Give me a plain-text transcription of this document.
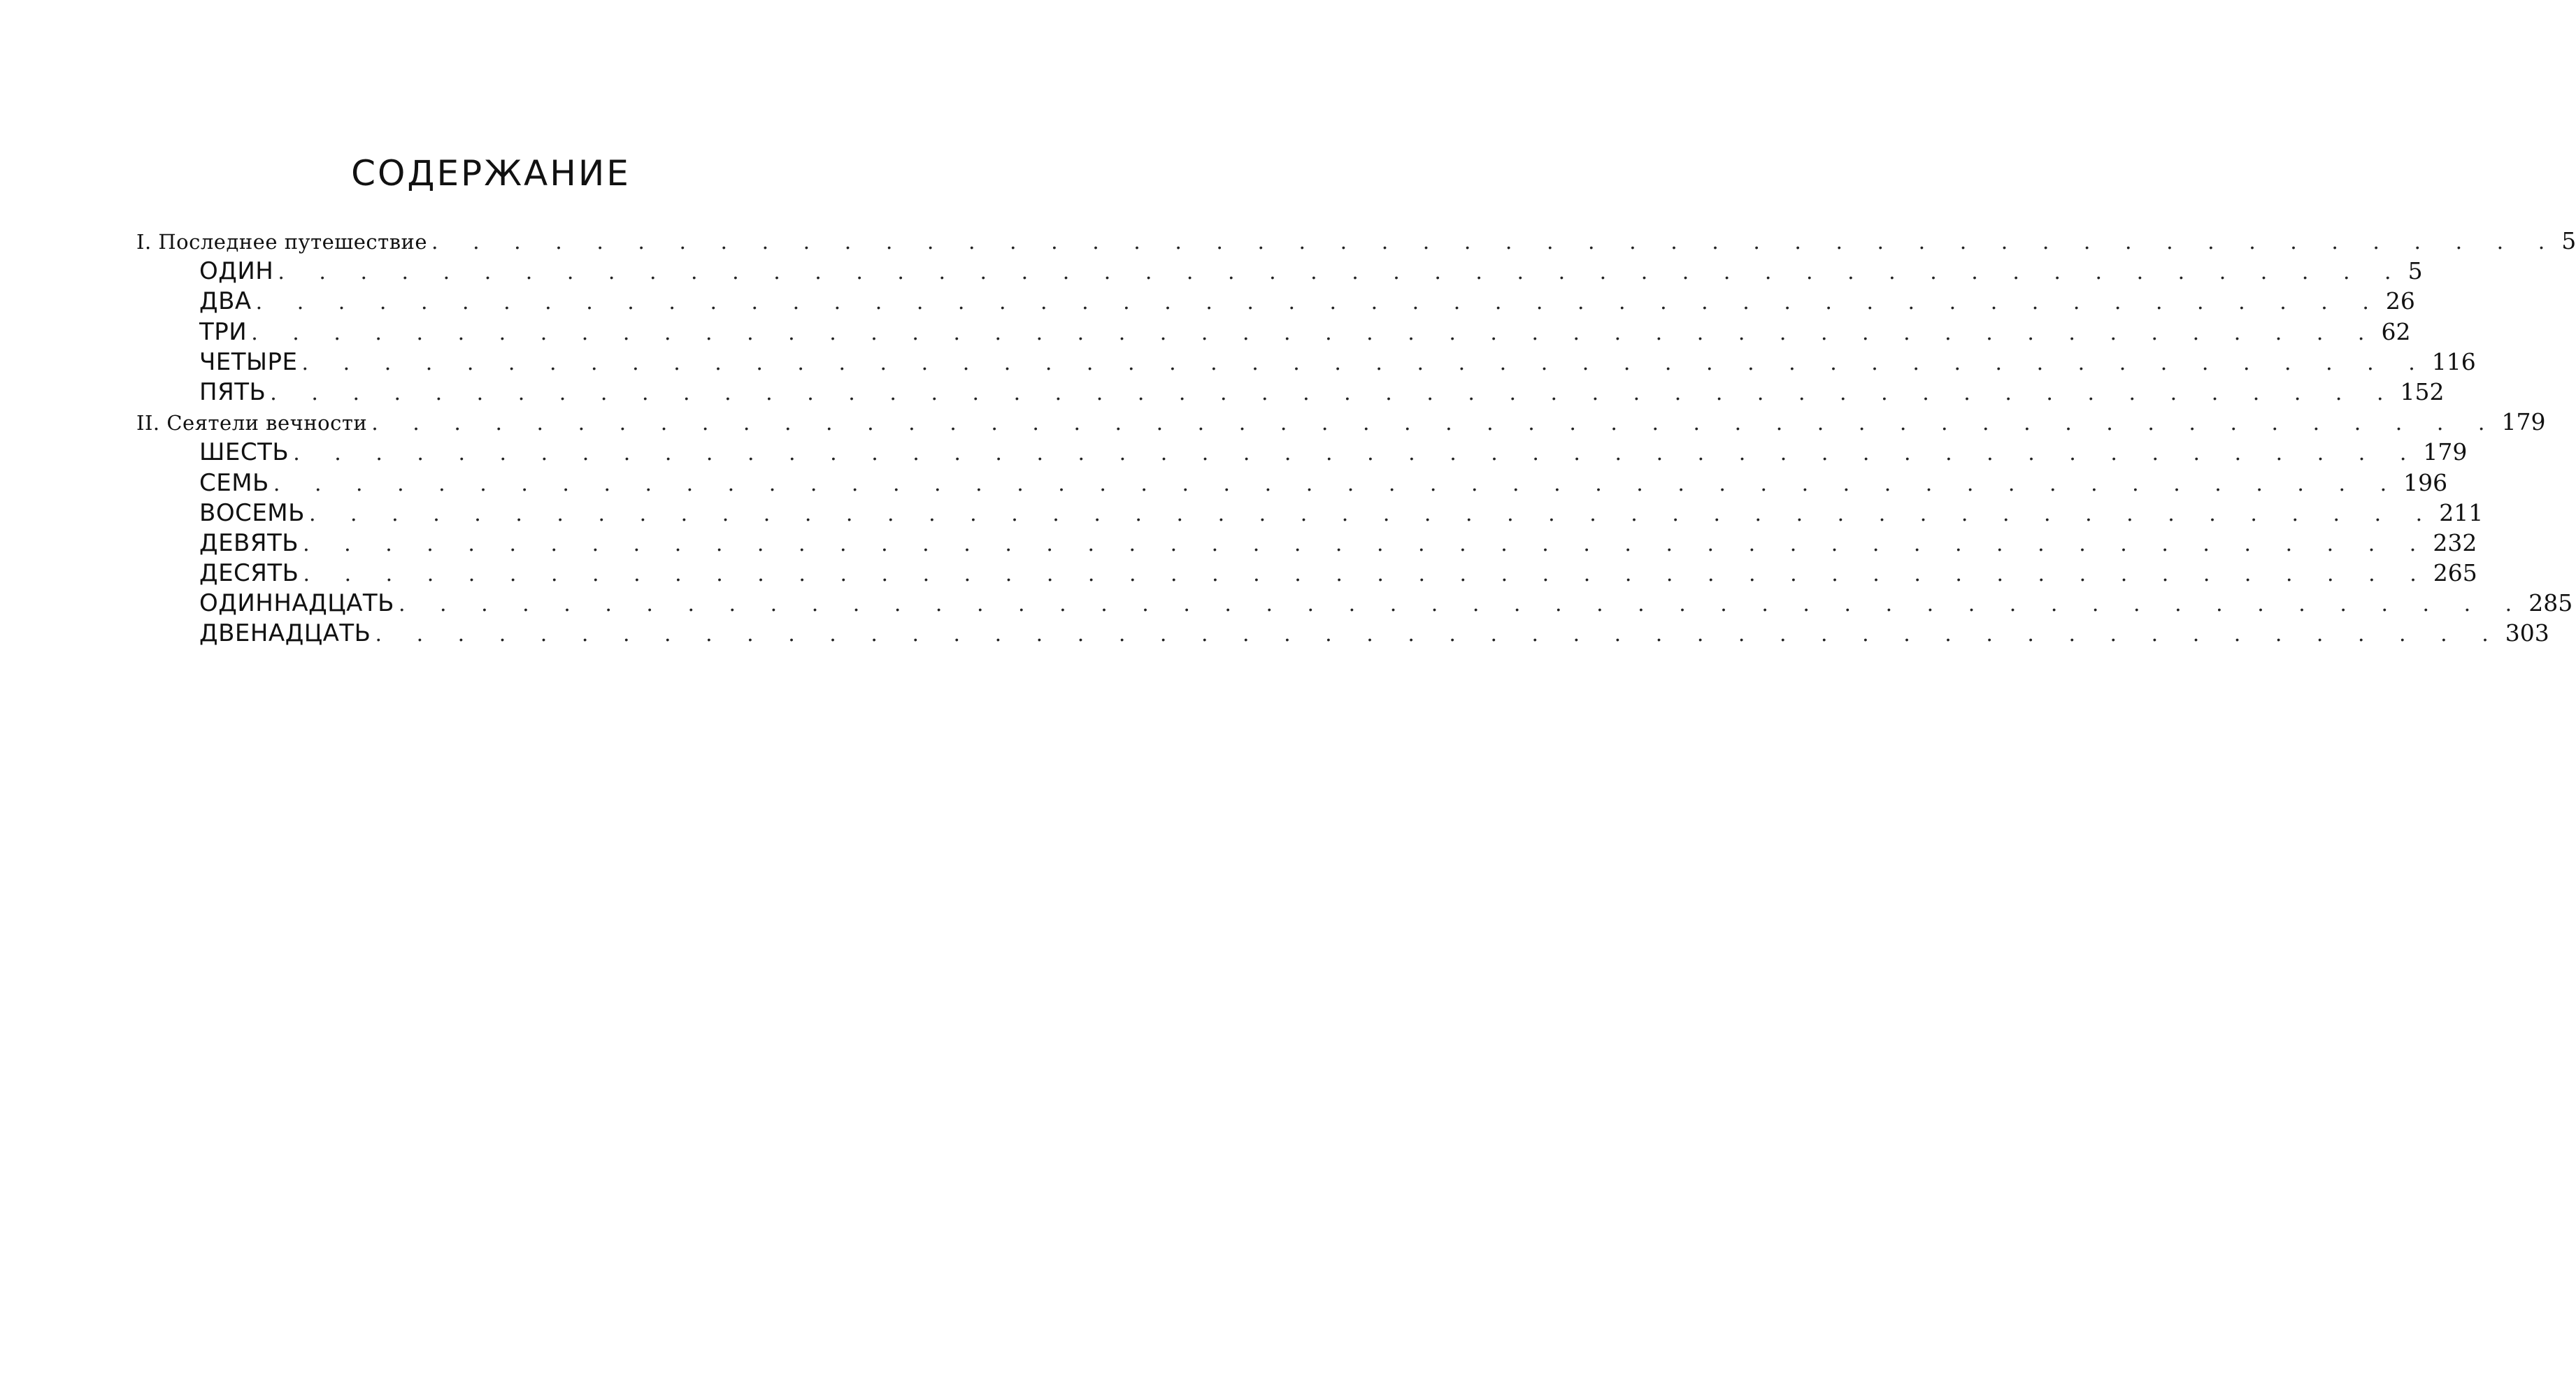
СОДЕРЖАНИЕ
I. Последнее путешествие . . . . . . . . . . . . . . . . . . . . . . . . . . . . . . . . . . . . . . . . . . . . . . . . . . . . 5
ОДИН . . . . . . . . . . . . . . . . . . . . . . . . . . . . . . . . . . . . . . . . . . . . . . . . . . . . 5
ДВА . . . . . . . . . . . . . . . . . . . . . . . . . . . . . . . . . . . . . . . . . . . . . . . . . . . . 26
ТРИ . . . . . . . . . . . . . . . . . . . . . . . . . . . . . . . . . . . . . . . . . . . . . . . . . . . . 62
ЧЕТЫРЕ . . . . . . . . . . . . . . . . . . . . . . . . . . . . . . . . . . . . . . . . . . . . . . . . . . . . 116
ПЯТЬ . . . . . . . . . . . . . . . . . . . . . . . . . . . . . . . . . . . . . . . . . . . . . . . . . . . . 152
II. Сеятели вечности . . . . . . . . . . . . . . . . . . . . . . . . . . . . . . . . . . . . . . . . . . . . . . . . . . . . 179
ШЕСТЬ . . . . . . . . . . . . . . . . . . . . . . . . . . . . . . . . . . . . . . . . . . . . . . . . . . . . 179
СЕМЬ . . . . . . . . . . . . . . . . . . . . . . . . . . . . . . . . . . . . . . . . . . . . . . . . . . . . 196
ВОСЕМЬ . . . . . . . . . . . . . . . . . . . . . . . . . . . . . . . . . . . . . . . . . . . . . . . . . . . . 211
ДЕВЯТЬ . . . . . . . . . . . . . . . . . . . . . . . . . . . . . . . . . . . . . . . . . . . . . . . . . . . . 232
ДЕСЯТЬ . . . . . . . . . . . . . . . . . . . . . . . . . . . . . . . . . . . . . . . . . . . . . . . . . . . . 265
ОДИННАДЦАТЬ . . . . . . . . . . . . . . . . . . . . . . . . . . . . . . . . . . . . . . . . . . . . . . . . . . . . 285
ДВЕНАДЦАТЬ . . . . . . . . . . . . . . . . . . . . . . . . . . . . . . . . . . . . . . . . . . . . . . . . . . . . 303
